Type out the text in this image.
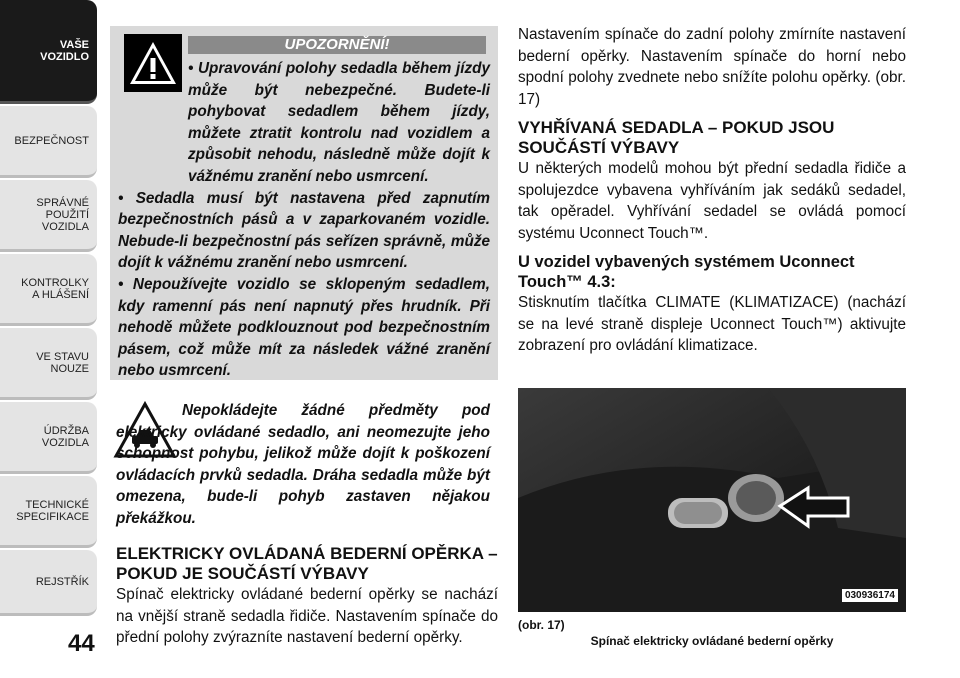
VAŠE
VOZIDLO
BEZPEČNOST
SPRÁVNÉ
POUŽITÍ
VOZIDLA
KONTROLKY
A HLÁŠENÍ
VE STAVU
NOUZE
ÚDRŽBA
VOZIDLA
TECHNICKÉ
SPECIFIKACE
REJSTŘÍK
44
UPOZORNĚNÍ!

• Upravování polohy sedadla během jízdy může být nebezpečné. Budete-li pohybovat sedadlem během jízdy, můžete ztratit kontrolu nad vozidlem a způsobit nehodu, následně může dojít k vážnému zranění nebo usmrcení.

• Sedadla musí být nastavena před zapnutím bezpečnostních pásů a v zaparkovaném vozidle. Nebude-li bezpečnostní pás seřízen správně, může dojít k vážnému zranění nebo usmrcení.

• Nepoužívejte vozidlo se sklopeným sedadlem, kdy ramenní pás není napnutý přes hrudník. Při nehodě můžete podklouznout pod bezpečnostním pásem, což může mít za následek vážné zranění nebo usmrcení.

Nepokládejte žádné předměty pod elektricky ovládané sedadlo, ani neomezujte jeho schopnost pohybu, jelikož může dojít k poškození ovládacích prvků sedadla. Dráha sedadla může být omezena, bude-li pohyb zastaven nějakou překážkou.

ELEKTRICKY OVLÁDANÁ BEDERNÍ OPĚRKA – POKUD JE SOUČÁSTÍ VÝBAVY

Spínač elektricky ovládané bederní opěrky se nachází na vnější straně sedadla řidiče. Nastavením spínače do přední polohy zvýrazníte nastavení bederní opěrky.

Nastavením spínače do zadní polohy zmírníte nastavení bederní opěrky. Nastavením spínače do horní nebo spodní polohy zvednete nebo snížíte polohu opěrky. (obr. 17)

VYHŘÍVANÁ SEDADLA – POKUD JSOU SOUČÁSTÍ VÝBAVY

U některých modelů mohou být přední sedadla řidiče a spolujezdce vybavena vyhříváním jak sedáků sedadel, tak opěradel. Vyhřívání sedadel se ovládá pomocí systému Uconnect Touch™.

U vozidel vybavených systémem Uconnect Touch™ 4.3:

Stisknutím tlačítka CLIMATE (KLIMATIZACE) (nachází se na levé straně displeje Uconnect Touch™) aktivujte zobrazení pro ovládání klimatizace.

030936174
(obr. 17)
Spínač elektricky ovládané bederní opěrky
